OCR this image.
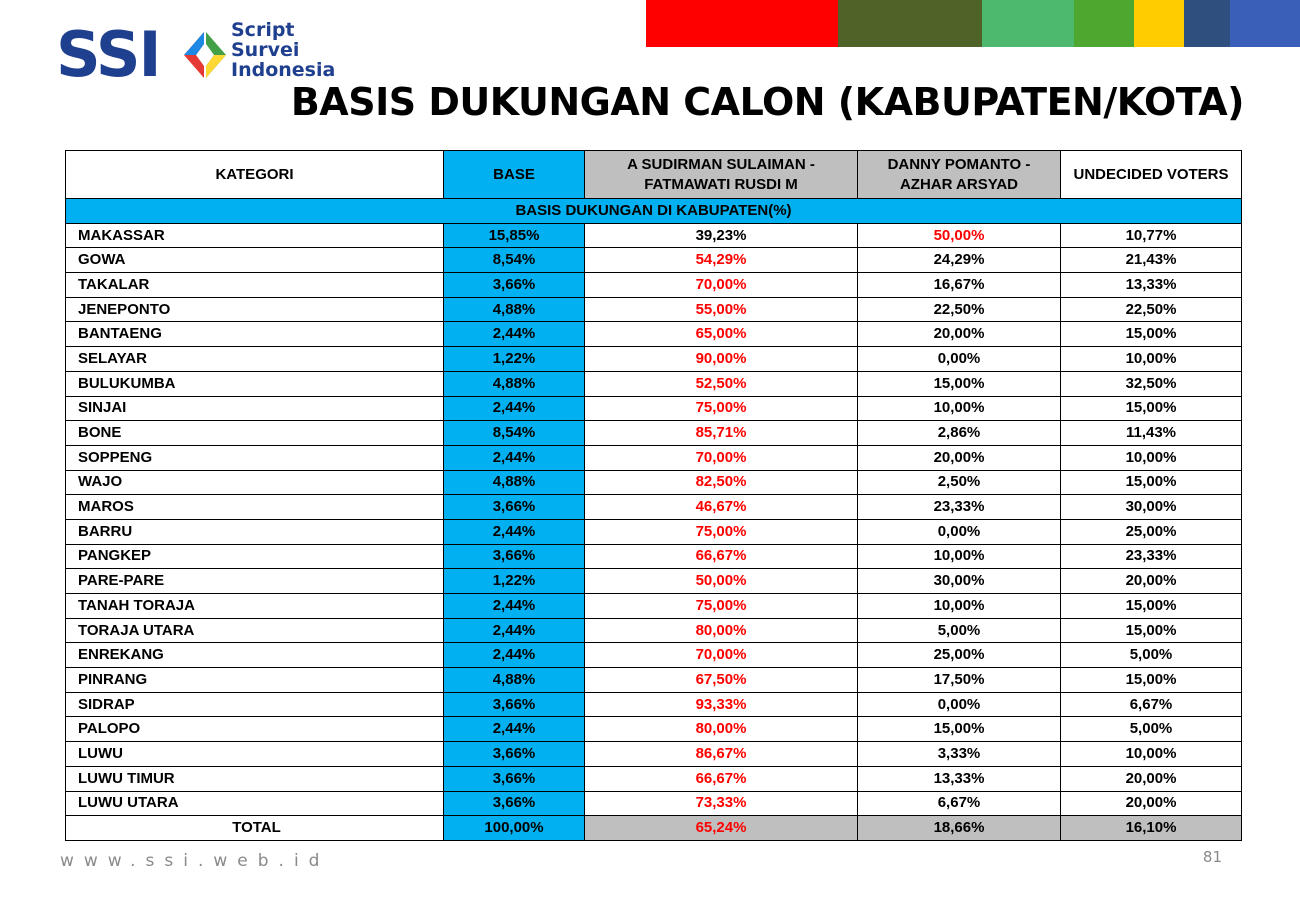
SSI	Script
Survei
Indonesia
BASIS DUKUNGAN CALON (KABUPATEN/KOTA)
KATEGORI	BASE	A SUDIRMAN SULAIMAN - FATMAWATI RUSDI M	DANNY POMANTO - AZHAR ARSYAD	UNDECIDED VOTERS
BASIS DUKUNGAN DI KABUPATEN(%)				
MAKASSAR	15,85%	39,23%	50,00%	10,77%
GOWA	8,54%	54,29%	24,29%	21,43%
TAKALAR	3,66%	70,00%	16,67%	13,33%
JENEPONTO	4,88%	55,00%	22,50%	22,50%
BANTAENG	2,44%	65,00%	20,00%	15,00%
SELAYAR	1,22%	90,00%	0,00%	10,00%
BULUKUMBA	4,88%	52,50%	15,00%	32,50%
SINJAI	2,44%	75,00%	10,00%	15,00%
BONE	8,54%	85,71%	2,86%	11,43%
SOPPENG	2,44%	70,00%	20,00%	10,00%
WAJO	4,88%	82,50%	2,50%	15,00%
MAROS	3,66%	46,67%	23,33%	30,00%
BARRU	2,44%	75,00%	0,00%	25,00%
PANGKEP	3,66%	66,67%	10,00%	23,33%
PARE-PARE	1,22%	50,00%	30,00%	20,00%
TANAH TORAJA	2,44%	75,00%	10,00%	15,00%
TORAJA UTARA	2,44%	80,00%	5,00%	15,00%
ENREKANG	2,44%	70,00%	25,00%	5,00%
PINRANG	4,88%	67,50%	17,50%	15,00%
SIDRAP	3,66%	93,33%	0,00%	6,67%
PALOPO	2,44%	80,00%	15,00%	5,00%
LUWU	3,66%	86,67%	3,33%	10,00%
LUWU TIMUR	3,66%	66,67%	13,33%	20,00%
LUWU UTARA	3,66%	73,33%	6,67%	20,00%
TOTAL	100,00%	65,24%	18,66%	16,10%
www.ssi.web.id	81
